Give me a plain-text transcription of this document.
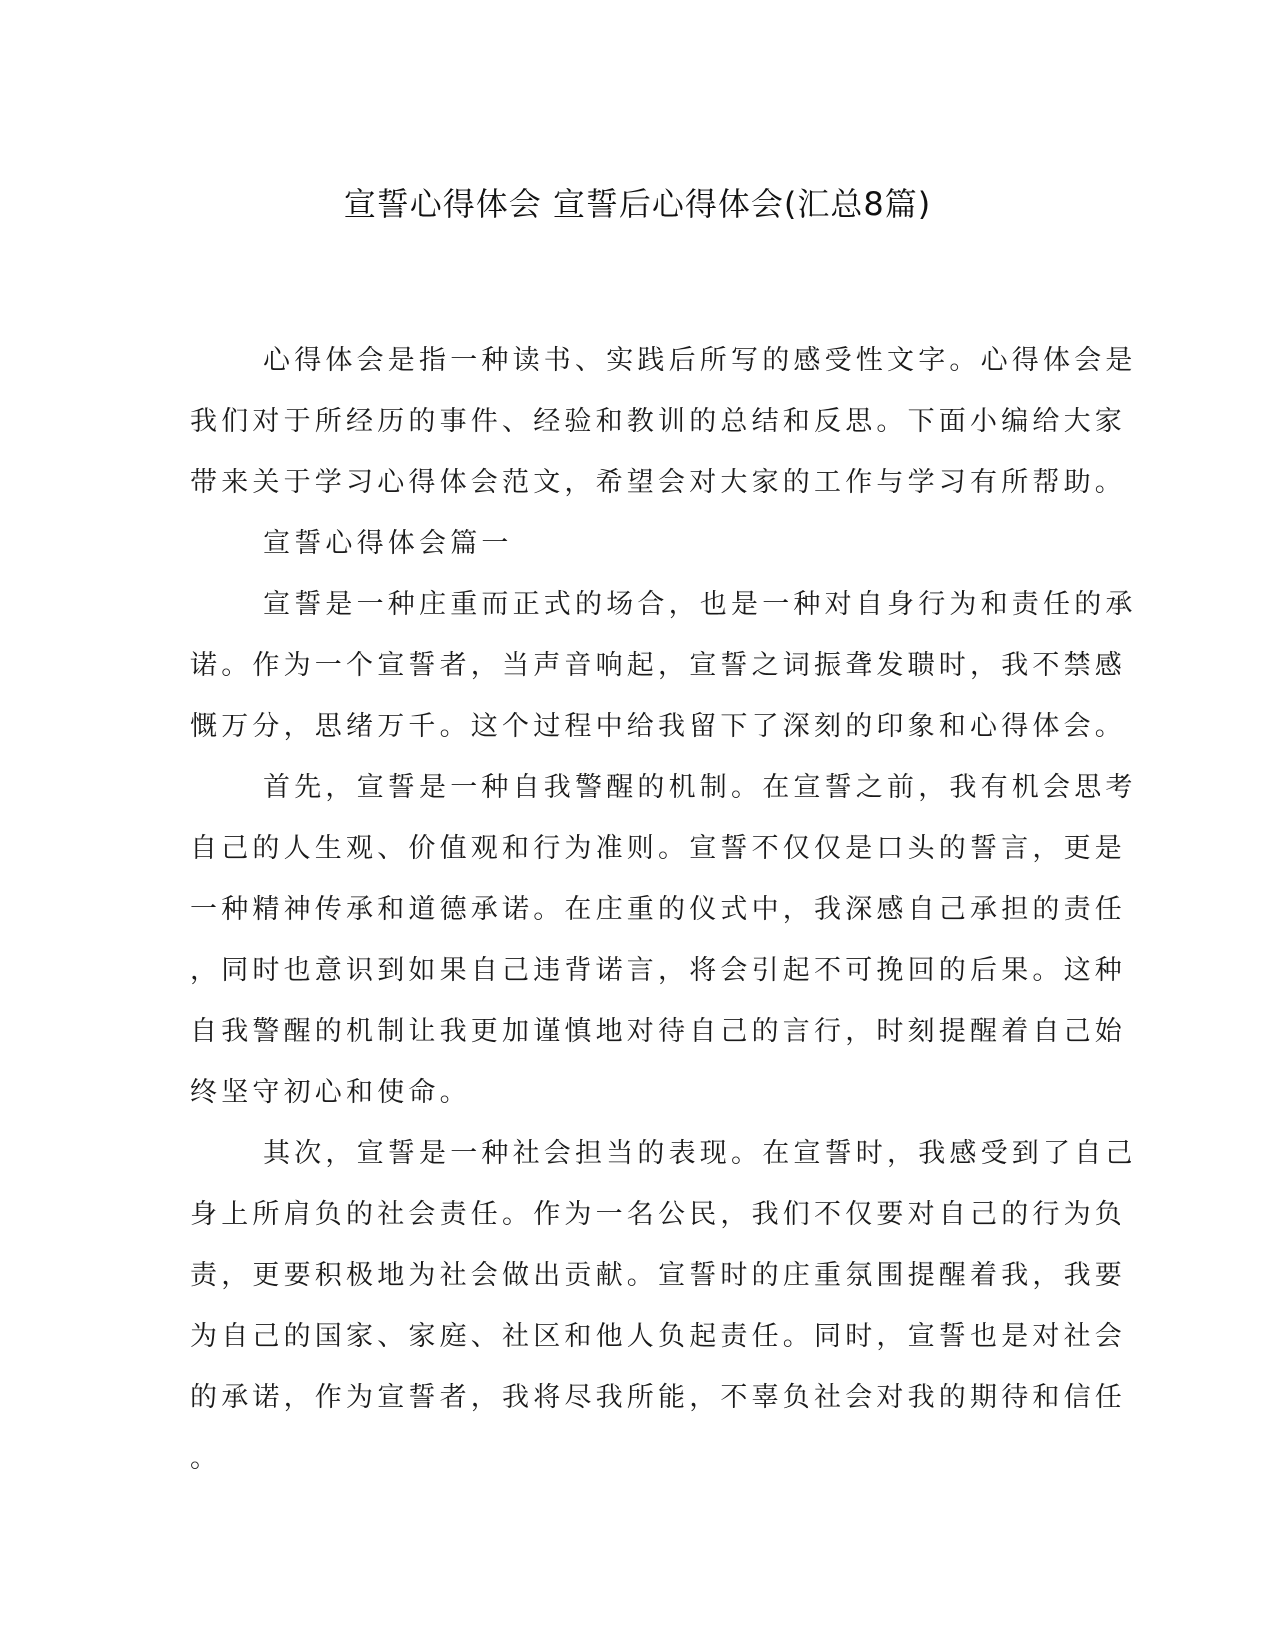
宣誓心得体会 宣誓后心得体会(汇总8篇)
心得体会是指一种读书、实践后所写的感受性文字。心得体会是
我们对于所经历的事件、经验和教训的总结和反思。下面小编给大家
带来关于学习心得体会范文，希望会对大家的工作与学习有所帮助。
宣誓心得体会篇一
宣誓是一种庄重而正式的场合，也是一种对自身行为和责任的承
诺。作为一个宣誓者，当声音响起，宣誓之词振聋发聩时，我不禁感
慨万分，思绪万千。这个过程中给我留下了深刻的印象和心得体会。
首先，宣誓是一种自我警醒的机制。在宣誓之前，我有机会思考
自己的人生观、价值观和行为准则。宣誓不仅仅是口头的誓言，更是
一种精神传承和道德承诺。在庄重的仪式中，我深感自己承担的责任
，同时也意识到如果自己违背诺言，将会引起不可挽回的后果。这种
自我警醒的机制让我更加谨慎地对待自己的言行，时刻提醒着自己始
终坚守初心和使命。
其次，宣誓是一种社会担当的表现。在宣誓时，我感受到了自己
身上所肩负的社会责任。作为一名公民，我们不仅要对自己的行为负
责，更要积极地为社会做出贡献。宣誓时的庄重氛围提醒着我，我要
为自己的国家、家庭、社区和他人负起责任。同时，宣誓也是对社会
的承诺，作为宣誓者，我将尽我所能，不辜负社会对我的期待和信任
。
